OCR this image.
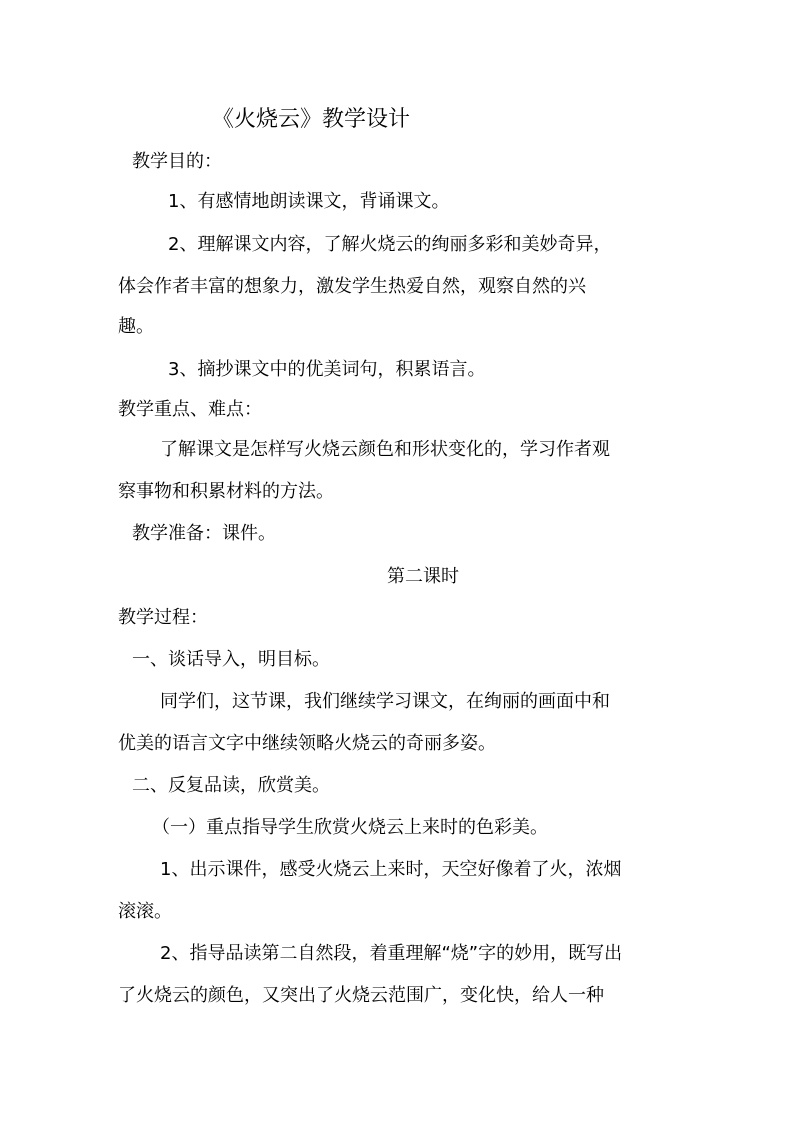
《火烧云》教学设计
教学目的：
1、有感情地朗读课文，背诵课文。
2、理解课文内容，了解火烧云的绚丽多彩和美妙奇异，
体会作者丰富的想象力，激发学生热爱自然，观察自然的兴
趣。
3、摘抄课文中的优美词句，积累语言。
教学重点、难点：
了解课文是怎样写火烧云颜色和形状变化的，学习作者观
察事物和积累材料的方法。
教学准备：课件。
第二课时
教学过程：
一、谈话导入，明目标。
同学们，这节课，我们继续学习课文，在绚丽的画面中和
优美的语言文字中继续领略火烧云的奇丽多姿。
二、反复品读，欣赏美。
（一）重点指导学生欣赏火烧云上来时的色彩美。
1、出示课件，感受火烧云上来时，天空好像着了火，浓烟
滚滚。
2、指导品读第二自然段，着重理解“烧”字的妙用，既写出
了火烧云的颜色，又突出了火烧云范围广，变化快，给人一种
